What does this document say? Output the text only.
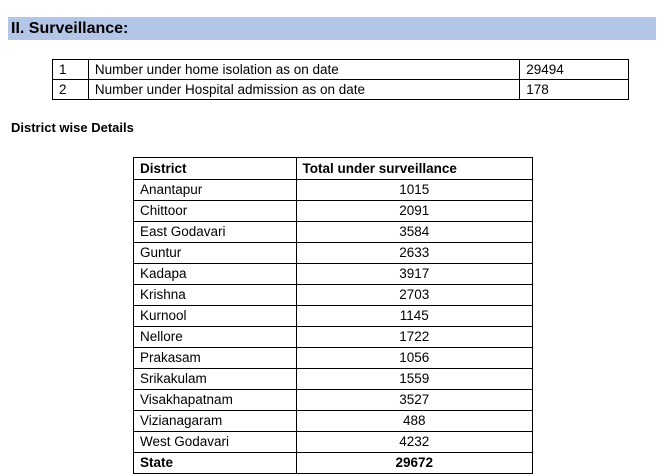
II. Surveillance:
1	Number under home isolation as on date	29494
2	Number under Hospital admission as on date	178
District wise Details
District	Total under surveillance
Anantapur	1015
Chittoor	2091
East Godavari	3584
Guntur	2633
Kadapa	3917
Krishna	2703
Kurnool	1145
Nellore	1722
Prakasam	1056
Srikakulam	1559
Visakhapatnam	3527
Vizianagaram	488
West Godavari	4232
State	29672
